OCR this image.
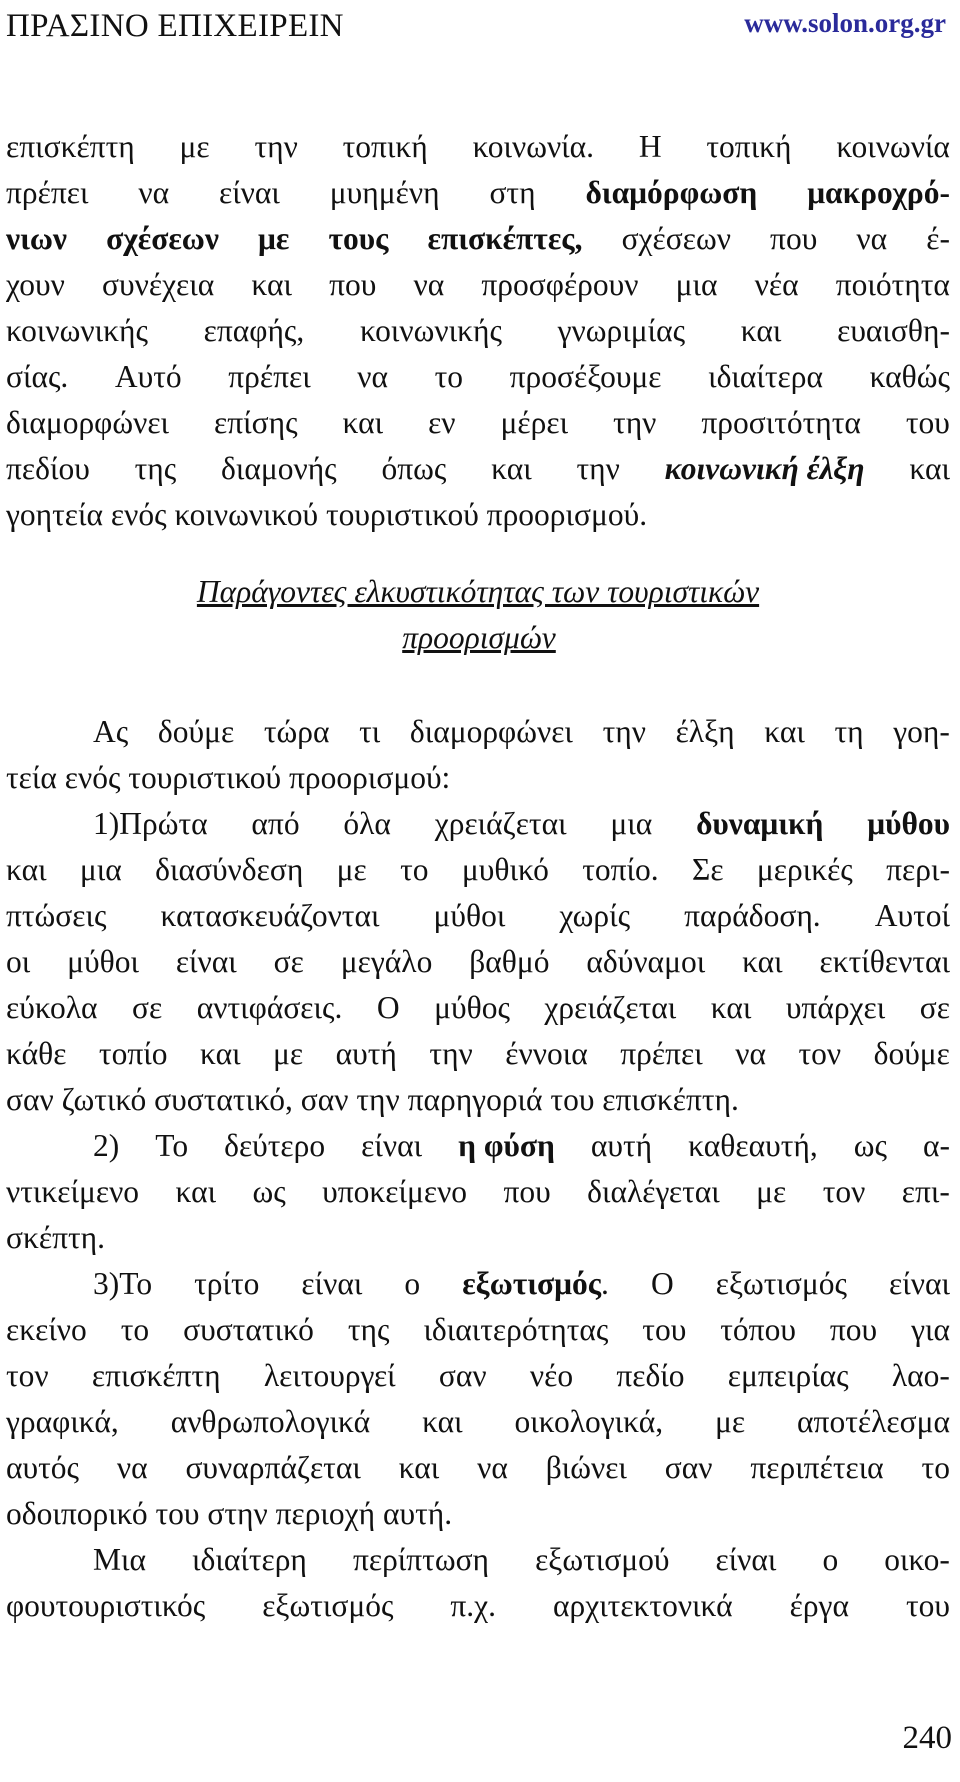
ΠΡΑΣΙΝΟ ΕΠΙΧΕΙΡΕΙΝ	www.solon.org.gr
επισκέπτη με την τοπική κοινωνία. Η τοπική κοινωνία
πρέπει να είναι μυημένη στη διαμόρφωση μακροχρό-
νιων σχέσεων με τους επισκέπτες, σχέσεων που να έ-
χουν συνέχεια και που να προσφέρουν μια νέα ποιότητα
κοινωνικής επαφής, κοινωνικής γνωριμίας και ευαισθη-
σίας. Αυτό πρέπει να το προσέξουμε ιδιαίτερα καθώς
διαμορφώνει επίσης και εν μέρει την προσιτότητα του
πεδίου της διαμονής όπως και την κοινωνική έλξη και
γοητεία ενός κοινωνικού τουριστικού προορισμού.
Παράγοντες ελκυστικότητας των τουριστικών
προορισμών
Ας δούμε τώρα τι διαμορφώνει την έλξη και τη γοη-
τεία ενός τουριστικού προορισμού:
1)Πρώτα από όλα χρειάζεται μια δυναμική μύθου
και μια διασύνδεση με το μυθικό τοπίο. Σε μερικές περι-
πτώσεις κατασκευάζονται μύθοι χωρίς παράδοση. Αυτοί
οι μύθοι είναι σε μεγάλο βαθμό αδύναμοι και εκτίθενται
εύκολα σε αντιφάσεις. Ο μύθος χρειάζεται και υπάρχει σε
κάθε τοπίο και με αυτή την έννοια πρέπει να τον δούμε
σαν ζωτικό συστατικό, σαν την παρηγοριά του επισκέπτη.
2) Το δεύτερο είναι η φύση αυτή καθεαυτή, ως α-
ντικείμενο και ως υποκείμενο που διαλέγεται με τον επι-
σκέπτη.
3)Το τρίτο είναι ο εξωτισμός. Ο εξωτισμός είναι
εκείνο το συστατικό της ιδιαιτερότητας του τόπου που για
τον επισκέπτη λειτουργεί σαν νέο πεδίο εμπειρίας λαο-
γραφικά, ανθρωπολογικά και οικολογικά, με αποτέλεσμα
αυτός να συναρπάζεται και να βιώνει σαν περιπέτεια το
οδοιπορικό του στην περιοχή αυτή.
Μια ιδιαίτερη περίπτωση εξωτισμού είναι ο οικο-
φουτουριστικός εξωτισμός π.χ. αρχιτεκτονικά έργα του
240
